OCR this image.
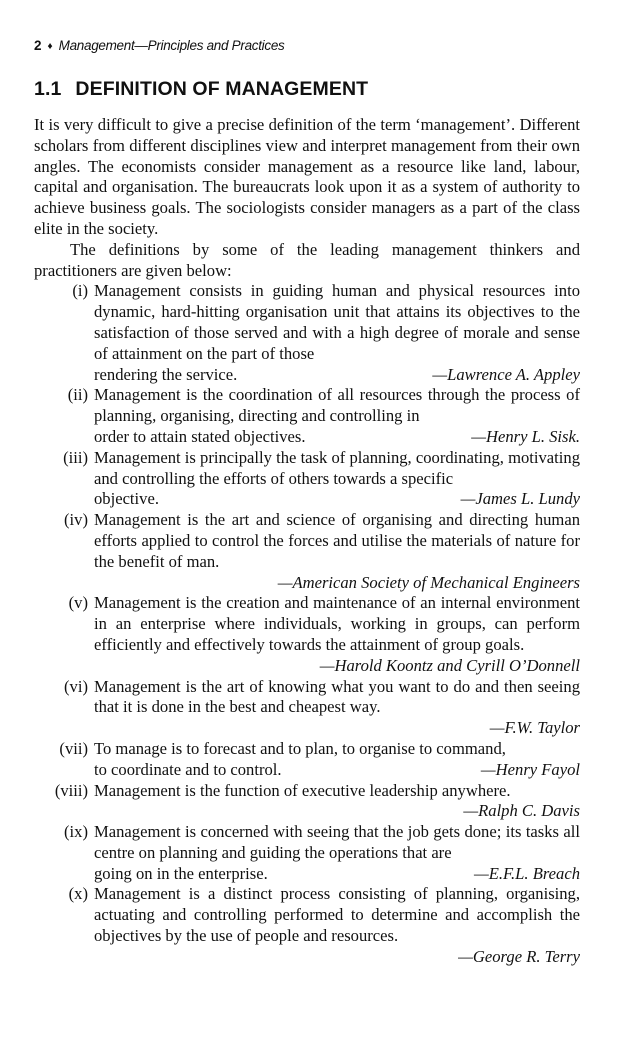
2 ♦ Management—Principles and Practices
1.1 DEFINITION OF MANAGEMENT

It is very difficult to give a precise definition of the term ‘management’. Different scholars from different disciplines view and interpret management from their own angles. The economists consider management as a resource like land, labour, capital and organisation. The bureaucrats look upon it as a system of authority to achieve business goals. The sociologists consider managers as a part of the class elite in the society.

The definitions by some of the leading management thinkers and practitioners are given below:

(i) Management consists in guiding human and physical resources into dynamic, hard-hitting organisation unit that attains its objectives to the satisfaction of those served and with a high degree of morale and sense of attainment on the part of those
rendering the service.	—Lawrence A. Appley
(ii) Management is the coordination of all resources through the process of planning, organising, directing and controlling in
order to attain stated objectives.	—Henry L. Sisk.
(iii) Management is principally the task of planning, coordinating, motivating and controlling the efforts of others towards a specific
objective.	—James L. Lundy
(iv) Management is the art and science of organising and directing human efforts applied to control the forces and utilise the materials of nature for the benefit of man.
—American Society of Mechanical Engineers
(v) Management is the creation and maintenance of an internal environment in an enterprise where individuals, working in groups, can perform efficiently and effectively towards the attainment of group goals.
—Harold Koontz and Cyrill O’Donnell
(vi) Management is the art of knowing what you want to do and then seeing that it is done in the best and cheapest way.
—F.W. Taylor
(vii) To manage is to forecast and to plan, to organise to command,
to coordinate and to control.	—Henry Fayol
(viii) Management is the function of executive leadership anywhere.
—Ralph C. Davis
(ix) Management is concerned with seeing that the job gets done; its tasks all centre on planning and guiding the operations that are
going on in the enterprise.	—E.F.L. Breach
(x) Management is a distinct process consisting of planning, organising, actuating and controlling performed to determine and accomplish the objectives by the use of people and resources.
—George R. Terry
